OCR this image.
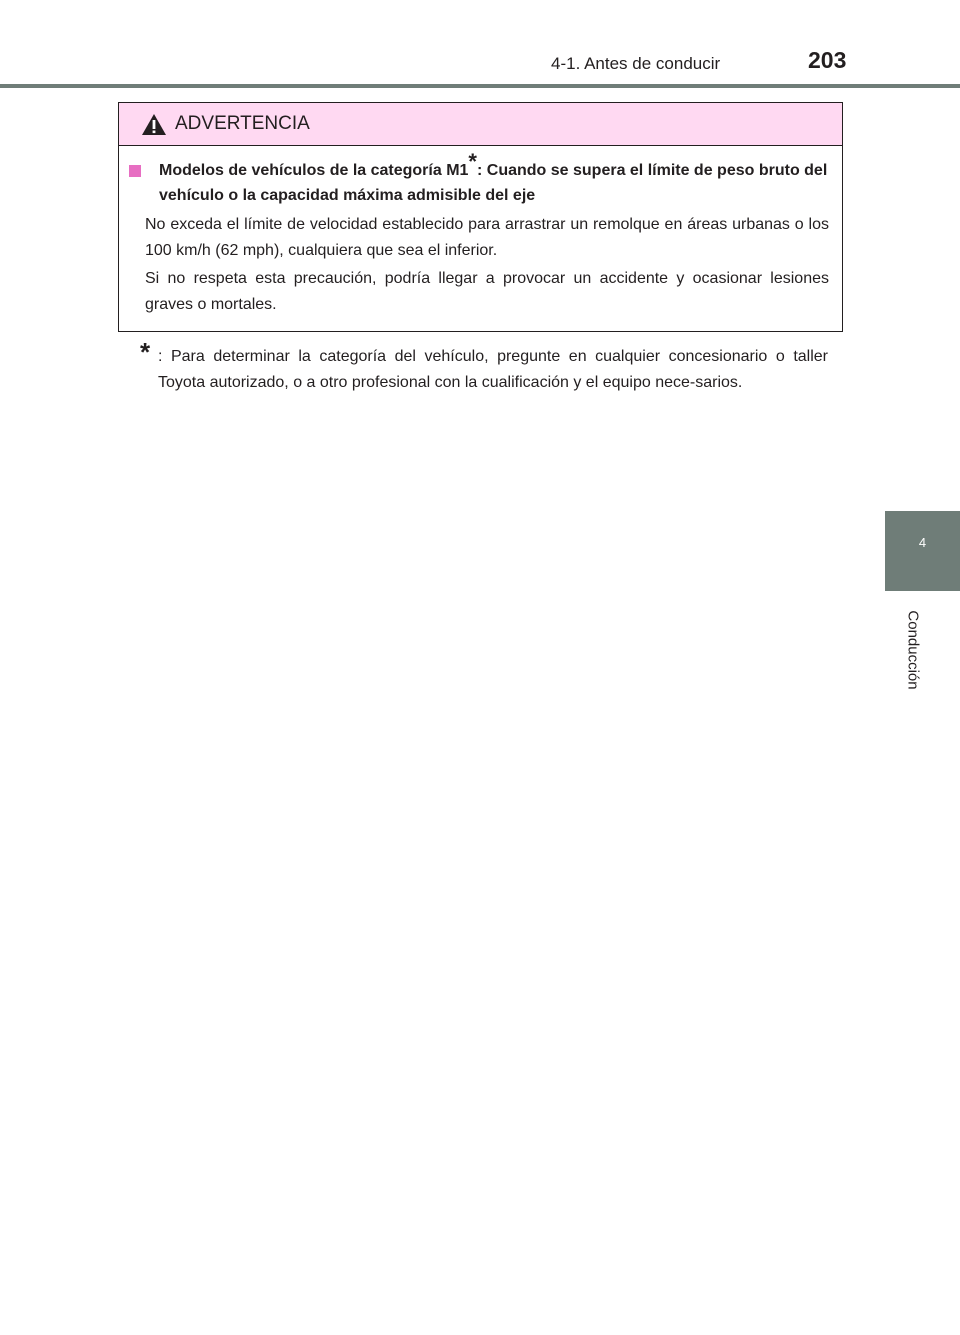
4-1. Antes de conducir	203
4
Conducción
ADVERTENCIA
Modelos de vehículos de la categoría M1*: Cuando se supera el límite de peso bruto del vehículo o la capacidad máxima admisible del eje
No exceda el límite de velocidad establecido para arrastrar un remolque en áreas urbanas o los 100 km/h (62 mph), cualquiera que sea el inferior.
Si no respeta esta precaución, podría llegar a provocar un accidente y ocasionar lesiones graves o mortales.
* : Para determinar la categoría del vehículo, pregunte en cualquier concesionario o taller Toyota autorizado, o a otro profesional con la cualificación y el equipo nece-sarios.
